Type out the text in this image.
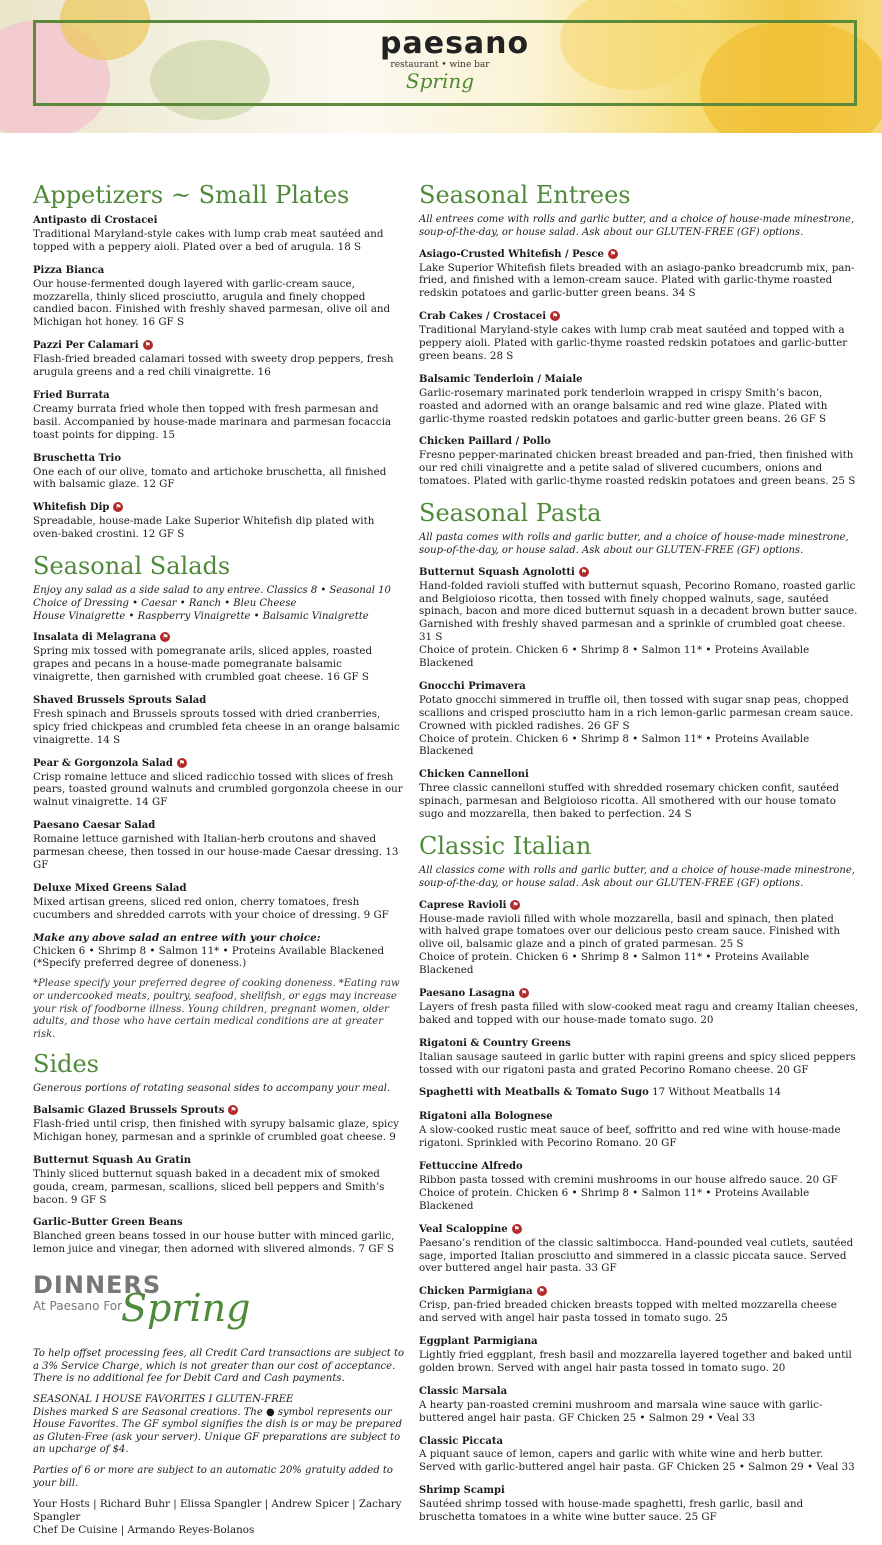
paesano
restaurant • wine bar
Spring
Appetizers ~ Small Plates
Antipasto di Crostacei
Traditional Maryland-style cakes with lump crab meat sautéed and topped with a peppery aioli. Plated over a bed of arugula. 18 S
Pizza Bianca
Our house-fermented dough layered with garlic-cream sauce, mozzarella, thinly sliced prosciutto, arugula and finely chopped candied bacon. Finished with freshly shaved parmesan, olive oil and Michigan hot honey. 16 GF S
Pazzi Per Calamari ⚑
Flash-fried breaded calamari tossed with sweety drop peppers, fresh arugula greens and a red chili vinaigrette. 16
Fried Burrata
Creamy burrata fried whole then topped with fresh parmesan and basil. Accompanied by house-made marinara and parmesan focaccia toast points for dipping. 15
Bruschetta Trio
One each of our olive, tomato and artichoke bruschetta, all finished with balsamic glaze. 12 GF
Whitefish Dip ⚑
Spreadable, house-made Lake Superior Whitefish dip plated with oven-baked crostini. 12 GF S
Seasonal Salads
Enjoy any salad as a side salad to any entree. Classics 8 • Seasonal 10
Choice of Dressing • Caesar • Ranch • Bleu Cheese
House Vinaigrette • Raspberry Vinaigrette • Balsamic Vinaigrette
Insalata di Melagrana ⚑
Spring mix tossed with pomegranate arils, sliced apples, roasted grapes and pecans in a house-made pomegranate balsamic vinaigrette, then garnished with crumbled goat cheese. 16 GF S
Shaved Brussels Sprouts Salad
Fresh spinach and Brussels sprouts tossed with dried cranberries, spicy fried chickpeas and crumbled feta cheese in an orange balsamic vinaigrette. 14 S
Pear & Gorgonzola Salad ⚑
Crisp romaine lettuce and sliced radicchio tossed with slices of fresh pears, toasted ground walnuts and crumbled gorgonzola cheese in our walnut vinaigrette. 14 GF
Paesano Caesar Salad
Romaine lettuce garnished with Italian-herb croutons and shaved parmesan cheese, then tossed in our house-made Caesar dressing. 13 GF
Deluxe Mixed Greens Salad
Mixed artisan greens, sliced red onion, cherry tomatoes, fresh cucumbers and shredded carrots with your choice of dressing. 9 GF
Make any above salad an entree with your choice:
Chicken 6 • Shrimp 8 • Salmon 11* • Proteins Available Blackened
(*Specify preferred degree of doneness.)
*Please specify your preferred degree of cooking doneness. *Eating raw or undercooked meats, poultry, seafood, shellfish, or eggs may increase your risk of foodborne illness. Young children, pregnant women, older adults, and those who have certain medical conditions are at greater risk.
Sides
Generous portions of rotating seasonal sides to accompany your meal.
Balsamic Glazed Brussels Sprouts ⚑
Flash-fried until crisp, then finished with syrupy balsamic glaze, spicy Michigan honey, parmesan and a sprinkle of crumbled goat cheese. 9
Butternut Squash Au Gratin
Thinly sliced butternut squash baked in a decadent mix of smoked gouda, cream, parmesan, scallions, sliced bell peppers and Smith’s bacon. 9 GF S
Garlic-Butter Green Beans
Blanched green beans tossed in our house butter with minced garlic, lemon juice and vinegar, then adorned with slivered almonds. 7 GF S
DINNERS
At Paesano For
Spring
To help offset processing fees, all Credit Card transactions are subject to a 3% Service Charge, which is not greater than our cost of acceptance. There is no additional fee for Debit Card and Cash payments.
SEASONAL I HOUSE FAVORITES I GLUTEN-FREE
Dishes marked S are Seasonal creations. The ● symbol represents our House Favorites. The GF symbol signifies the dish is or may be prepared as Gluten-Free (ask your server). Unique GF preparations are subject to an upcharge of $4.
Parties of 6 or more are subject to an automatic 20% gratuity added to your bill.
Your Hosts | Richard Buhr | Elissa Spangler | Andrew Spicer | Zachary Spangler
Chef De Cuisine | Armando Reyes-Bolanos
Seasonal Entrees
All entrees come with rolls and garlic butter, and a choice of house-made minestrone, soup-of-the-day, or house salad. Ask about our GLUTEN-FREE (GF) options.
Asiago-Crusted Whitefish / Pesce ⚑
Lake Superior Whitefish filets breaded with an asiago-panko breadcrumb mix, pan-fried, and finished with a lemon-cream sauce. Plated with garlic-thyme roasted redskin potatoes and garlic-butter green beans. 34 S
Crab Cakes / Crostacei ⚑
Traditional Maryland-style cakes with lump crab meat sautéed and topped with a peppery aioli. Plated with garlic-thyme roasted redskin potatoes and garlic-butter green beans. 28 S
Balsamic Tenderloin / Maiale
Garlic-rosemary marinated pork tenderloin wrapped in crispy Smith’s bacon, roasted and adorned with an orange balsamic and red wine glaze. Plated with garlic-thyme roasted redskin potatoes and garlic-butter green beans. 26 GF S
Chicken Paillard / Pollo
Fresno pepper-marinated chicken breast breaded and pan-fried, then finished with our red chili vinaigrette and a petite salad of slivered cucumbers, onions and tomatoes. Plated with garlic-thyme roasted redskin potatoes and green beans. 25 S
Seasonal Pasta
All pasta comes with rolls and garlic butter, and a choice of house-made minestrone, soup-of-the-day, or house salad. Ask about our GLUTEN-FREE (GF) options.
Butternut Squash Agnolotti ⚑
Hand-folded ravioli stuffed with butternut squash, Pecorino Romano, roasted garlic and Belgioioso ricotta, then tossed with finely chopped walnuts, sage, sautéed spinach, bacon and more diced butternut squash in a decadent brown butter sauce. Garnished with freshly shaved parmesan and a sprinkle of crumbled goat cheese. 31 S
Choice of protein. Chicken 6 • Shrimp 8 • Salmon 11* • Proteins Available Blackened
Gnocchi Primavera
Potato gnocchi simmered in truffle oil, then tossed with sugar snap peas, chopped scallions and crisped prosciutto ham in a rich lemon-garlic parmesan cream sauce. Crowned with pickled radishes. 26 GF S
Choice of protein. Chicken 6 • Shrimp 8 • Salmon 11* • Proteins Available Blackened
Chicken Cannelloni
Three classic cannelloni stuffed with shredded rosemary chicken confit, sautéed spinach, parmesan and Belgioioso ricotta. All smothered with our house tomato sugo and mozzarella, then baked to perfection. 24 S
Classic Italian
All classics come with rolls and garlic butter, and a choice of house-made minestrone, soup-of-the-day, or house salad. Ask about our GLUTEN-FREE (GF) options.
Caprese Ravioli ⚑
House-made ravioli filled with whole mozzarella, basil and spinach, then plated with halved grape tomatoes over our delicious pesto cream sauce. Finished with olive oil, balsamic glaze and a pinch of grated parmesan. 25 S
Choice of protein. Chicken 6 • Shrimp 8 • Salmon 11* • Proteins Available Blackened
Paesano Lasagna ⚑
Layers of fresh pasta filled with slow-cooked meat ragu and creamy Italian cheeses, baked and topped with our house-made tomato sugo. 20
Rigatoni & Country Greens
Italian sausage sauteed in garlic butter with rapini greens and spicy sliced peppers tossed with our rigatoni pasta and grated Pecorino Romano cheese. 20 GF
Spaghetti with Meatballs & Tomato Sugo 17 Without Meatballs 14
Rigatoni alla Bolognese
A slow-cooked rustic meat sauce of beef, soffritto and red wine with house-made rigatoni. Sprinkled with Pecorino Romano. 20 GF
Fettuccine Alfredo
Ribbon pasta tossed with cremini mushrooms in our house alfredo sauce. 20 GF
Choice of protein. Chicken 6 • Shrimp 8 • Salmon 11* • Proteins Available Blackened
Veal Scaloppine ⚑
Paesano’s rendition of the classic saltimbocca. Hand-pounded veal cutlets, sautéed sage, imported Italian prosciutto and simmered in a classic piccata sauce. Served over buttered angel hair pasta. 33 GF
Chicken Parmigiana ⚑
Crisp, pan-fried breaded chicken breasts topped with melted mozzarella cheese and served with angel hair pasta tossed in tomato sugo. 25
Eggplant Parmigiana
Lightly fried eggplant, fresh basil and mozzarella layered together and baked until golden brown. Served with angel hair pasta tossed in tomato sugo. 20
Classic Marsala
A hearty pan-roasted cremini mushroom and marsala wine sauce with garlic-buttered angel hair pasta. GF Chicken 25 • Salmon 29 • Veal 33
Classic Piccata
A piquant sauce of lemon, capers and garlic with white wine and herb butter. Served with garlic-buttered angel hair pasta. GF Chicken 25 • Salmon 29 • Veal 33
Shrimp Scampi
Sautéed shrimp tossed with house-made spaghetti, fresh garlic, basil and bruschetta tomatoes in a white wine butter sauce. 25 GF
